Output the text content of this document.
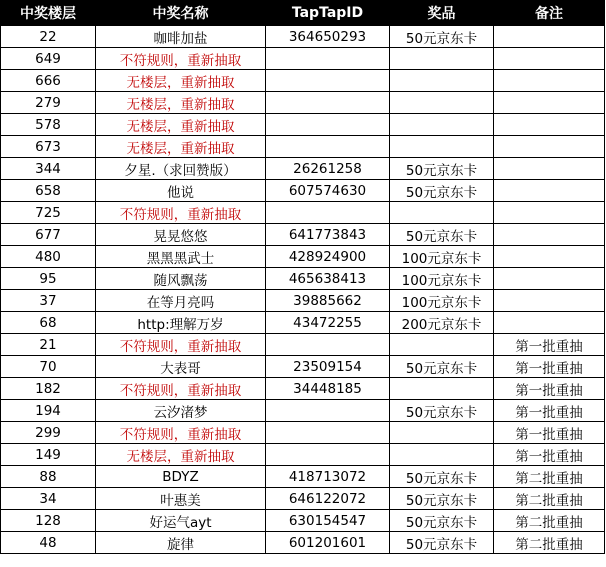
中奖楼层	中奖名称	TapTapID	奖品	备注
22	咖啡加盐	364650293	50元京东卡	
649	不符规则，重新抽取			
666	无楼层，重新抽取			
279	无楼层，重新抽取			
578	无楼层，重新抽取			
673	无楼层，重新抽取			
344	夕星.（求回赞版）	26261258	50元京东卡	
658	他说	607574630	50元京东卡	
725	不符规则，重新抽取			
677	晃晃悠悠	641773843	50元京东卡	
480	黑黑黑武士	428924900	100元京东卡	
95	随风飘荡	465638413	100元京东卡	
37	在等月亮吗	39885662	100元京东卡	
68	http:理解万岁	43472255	200元京东卡	
21	不符规则，重新抽取			第一批重抽
70	大表哥	23509154	50元京东卡	第一批重抽
182	不符规则，重新抽取	34448185		第一批重抽
194	云汐渚梦		50元京东卡	第一批重抽
299	不符规则，重新抽取			第一批重抽
149	无楼层，重新抽取			第一批重抽
88	BDYZ	418713072	50元京东卡	第二批重抽
34	叶惠美	646122072	50元京东卡	第二批重抽
128	好运气ayt	630154547	50元京东卡	第二批重抽
48	旋律	601201601	50元京东卡	第二批重抽
